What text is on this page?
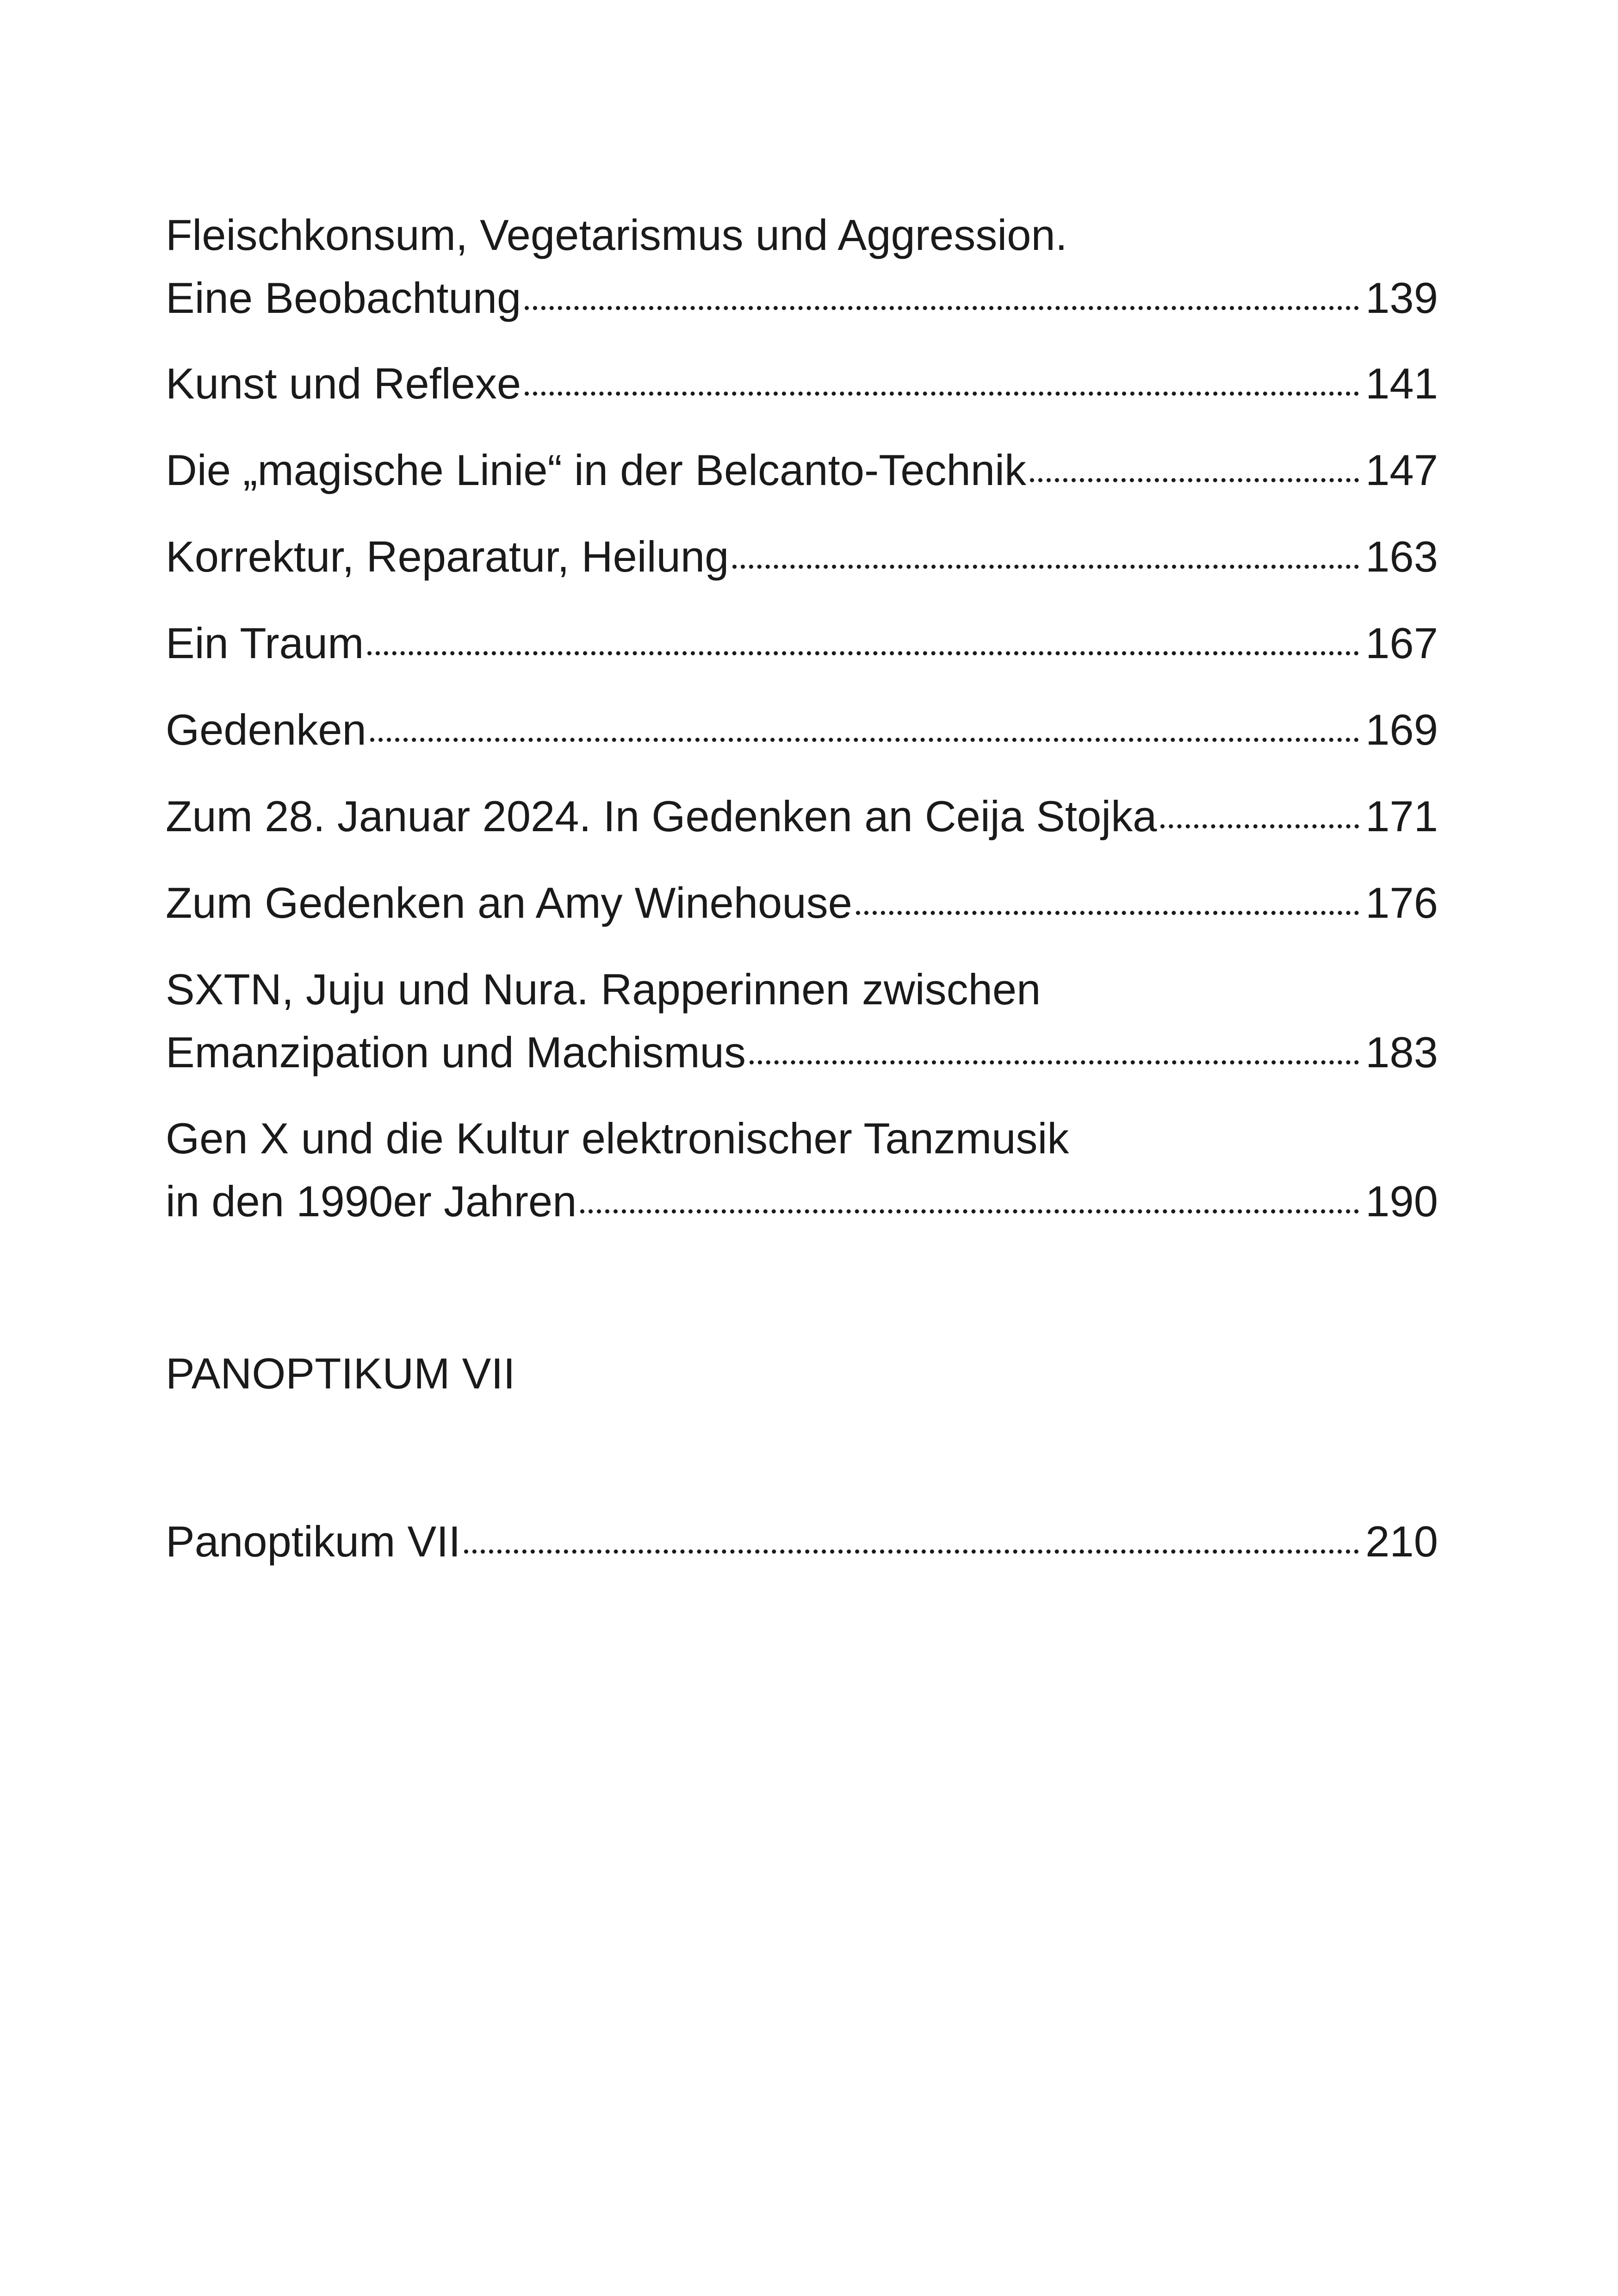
Fleischkonsum, Vegetarismus und Aggression.
Eine Beobachtung	139
Kunst und Reflexe	141
Die „magische Linie“ in der Belcanto-Technik	147
Korrektur, Reparatur, Heilung	163
Ein Traum	167
Gedenken	169
Zum 28. Januar 2024. In Gedenken an Ceija Stojka	171
Zum Gedenken an Amy Winehouse	176
SXTN, Juju und Nura. Rapperinnen zwischen
Emanzipation und Machismus	183
Gen X und die Kultur elektronischer Tanzmusik
in den 1990er Jahren	190
PANOPTIKUM VII
Panoptikum VII	210
